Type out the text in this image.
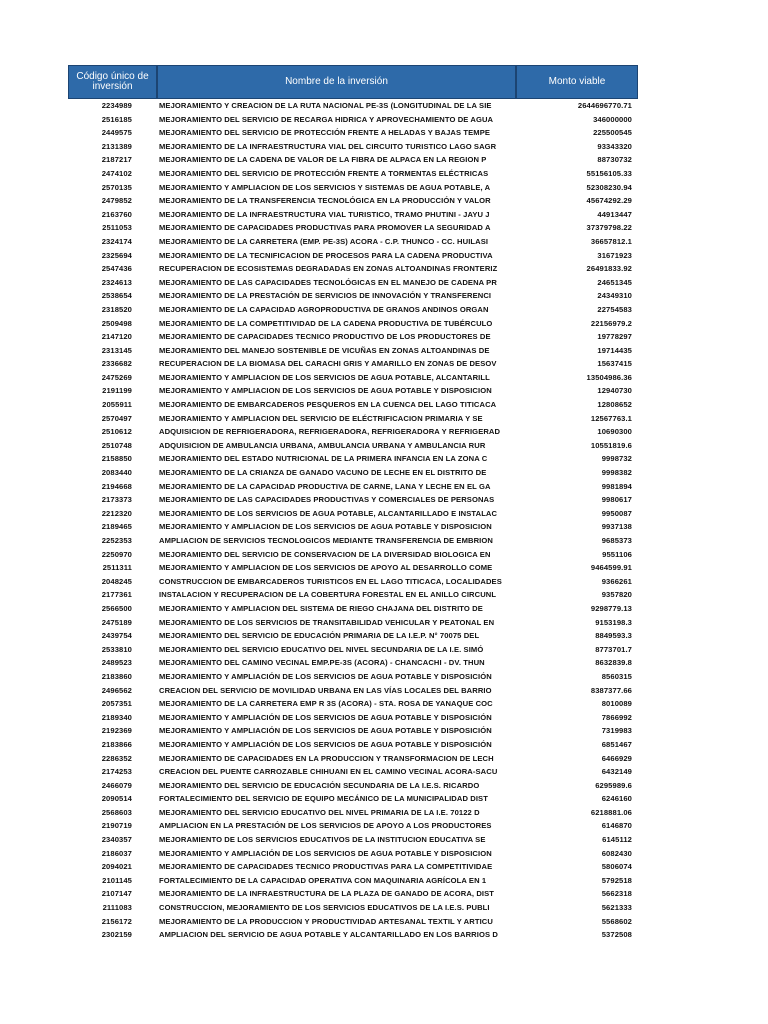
Código único de inversión	Nombre de la inversión	Monto viable
2234989	MEJORAMIENTO Y CREACION DE LA RUTA NACIONAL PE-3S (LONGITUDINAL DE LA SIE	2644696770.71
2516185	MEJORAMIENTO DEL SERVICIO DE RECARGA HIDRICA Y APROVECHAMIENTO DE AGUA	346000000
2449575	MEJORAMIENTO DEL SERVICIO DE PROTECCIÓN FRENTE A HELADAS Y BAJAS TEMPE	225500545
2131389	MEJORAMIENTO DE LA INFRAESTRUCTURA VIAL DEL CIRCUITO TURISTICO LAGO SAGR	93343320
2187217	MEJORAMIENTO DE LA CADENA DE VALOR DE LA FIBRA DE ALPACA EN LA REGION P	88730732
2474102	MEJORAMIENTO DEL SERVICIO DE PROTECCIÓN FRENTE A TORMENTAS ELÉCTRICAS	55156105.33
2570135	MEJORAMIENTO Y AMPLIACION DE LOS SERVICIOS Y SISTEMAS DE AGUA POTABLE, A	52308230.94
2479852	MEJORAMIENTO DE LA TRANSFERENCIA TECNOLÓGICA EN LA PRODUCCIÓN Y VALOR	45674292.29
2163760	MEJORAMIENTO DE LA INFRAESTRUCTURA VIAL TURISTICO, TRAMO PHUTINI - JAYU J	44913447
2511053	MEJORAMIENTO DE CAPACIDADES PRODUCTIVAS PARA PROMOVER LA SEGURIDAD A	37379798.22
2324174	MEJORAMIENTO DE LA CARRETERA (EMP. PE-3S) ACORA - C.P. THUNCO - CC. HUILASI	36657812.1
2325694	MEJORAMIENTO DE LA TECNIFICACION DE PROCESOS PARA LA CADENA PRODUCTIVA	31671923
2547436	RECUPERACION DE ECOSISTEMAS DEGRADADAS EN ZONAS ALTOANDINAS FRONTERIZ	26491833.92
2324613	MEJORAMIENTO DE LAS CAPACIDADES TECNOLÓGICAS EN EL MANEJO DE CADENA PR	24651345
2538654	MEJORAMIENTO DE LA PRESTACIÓN DE SERVICIOS DE INNOVACIÓN Y TRANSFERENCI	24349310
2318520	MEJORAMIENTO DE LA CAPACIDAD AGROPRODUCTIVA DE GRANOS ANDINOS ORGAN	22754583
2509498	MEJORAMIENTO DE LA COMPETITIVIDAD DE LA CADENA PRODUCTIVA DE TUBÉRCULO	22156979.2
2147120	MEJORAMIENTO DE CAPACIDADES TECNICO PRODUCTIVO DE LOS PRODUCTORES DE	19778297
2313145	MEJORAMIENTO DEL MANEJO SOSTENIBLE DE VICUÑAS EN ZONAS ALTOANDINAS DE	19714435
2336682	RECUPERACION DE LA BIOMASA DEL CARACHI GRIS Y AMARILLO EN ZONAS DE DESOV	15637415
2475269	MEJORAMIENTO Y AMPLIACION DE LOS SERVICIOS DE AGUA POTABLE, ALCANTARILL	13504986.36
2191199	MEJORAMIENTO Y AMPLIACION DE LOS SERVICIOS DE AGUA POTABLE Y DISPOSICION	12940730
2055911	MEJORAMIENTO DE EMBARCADEROS PESQUEROS EN LA CUENCA DEL LAGO TITICACA	12808652
2570497	MEJORAMIENTO Y AMPLIACION DEL SERVICIO DE ELÉCTRIFICACION PRIMARIA Y SE	12567763.1
2510612	ADQUISICION DE REFRIGERADORA, REFRIGERADORA, REFRIGERADORA Y REFRIGERAD	10690300
2510748	ADQUISICION DE AMBULANCIA URBANA, AMBULANCIA URBANA Y AMBULANCIA RUR	10551819.6
2158850	MEJORAMIENTO DEL ESTADO NUTRICIONAL DE LA PRIMERA INFANCIA EN LA ZONA C	9998732
2083440	MEJORAMIENTO DE LA CRIANZA DE GANADO VACUNO DE LECHE EN EL DISTRITO DE	9998382
2194668	MEJORAMIENTO DE LA CAPACIDAD PRODUCTIVA DE CARNE, LANA Y LECHE EN EL GA	9981894
2173373	MEJORAMIENTO DE LAS CAPACIDADES PRODUCTIVAS Y COMERCIALES DE PERSONAS	9980617
2212320	MEJORAMIENTO DE LOS SERVICIOS DE AGUA POTABLE, ALCANTARILLADO E INSTALAC	9950087
2189465	MEJORAMIENTO Y AMPLIACION DE LOS SERVICIOS DE AGUA POTABLE Y DISPOSICION	9937138
2252353	AMPLIACION DE SERVICIOS TECNOLOGICOS MEDIANTE TRANSFERENCIA DE EMBRION	9685373
2250970	MEJORAMIENTO DEL SERVICIO DE CONSERVACION DE LA DIVERSIDAD BIOLOGICA EN	9551106
2511311	MEJORAMIENTO Y AMPLIACION DE LOS SERVICIOS DE APOYO AL DESARROLLO COME	9464599.91
2048245	CONSTRUCCION DE EMBARCADEROS TURISTICOS EN EL LAGO TITICACA, LOCALIDADES	9366261
2177361	INSTALACION Y RECUPERACION DE LA COBERTURA FORESTAL EN EL ANILLO CIRCUNL	9357820
2566500	MEJORAMIENTO Y AMPLIACION DEL SISTEMA DE RIEGO CHAJANA DEL DISTRITO DE	9298779.13
2475189	MEJORAMIENTO DE LOS SERVICIOS DE TRANSITABILIDAD VEHICULAR Y PEATONAL EN	9153198.3
2439754	MEJORAMIENTO DEL SERVICIO DE EDUCACIÓN PRIMARIA DE LA I.E.P. N° 70075 DEL	8849593.3
2533810	MEJORAMIENTO DEL SERVICIO EDUCATIVO DEL NIVEL SECUNDARIA DE LA I.E. SIMÓ	8773701.7
2489523	MEJORAMIENTO DEL CAMINO VECINAL EMP.PE-3S (ACORA) - CHANCACHI - DV. THUN	8632839.8
2183860	MEJORAMIENTO Y AMPLIACIÓN DE LOS SERVICIOS DE AGUA POTABLE Y DISPOSICIÓN	8560315
2496562	CREACION DEL SERVICIO DE MOVILIDAD URBANA EN LAS VÍAS LOCALES DEL BARRIO	8387377.66
2057351	MEJORAMIENTO DE LA CARRETERA EMP R 3S (ACORA) - STA. ROSA DE YANAQUE COC	8010089
2189340	MEJORAMIENTO Y AMPLIACIÓN DE LOS SERVICIOS DE AGUA POTABLE Y DISPOSICIÓN	7866992
2192369	MEJORAMIENTO Y AMPLIACIÓN DE LOS SERVICIOS DE AGUA POTABLE Y DISPOSICIÓN	7319983
2183866	MEJORAMIENTO Y AMPLIACIÓN DE LOS SERVICIOS DE AGUA POTABLE Y DISPOSICIÓN	6851467
2286352	MEJORAMIENTO DE CAPACIDADES EN LA PRODUCCION Y TRANSFORMACION DE LECH	6466929
2174253	CREACION DEL PUENTE CARROZABLE CHIHUANI EN EL CAMINO VECINAL ACORA-SACU	6432149
2466079	MEJORAMIENTO DEL SERVICIO DE EDUCACIÓN SECUNDARIA DE LA I.E.S. RICARDO	6295989.6
2090514	FORTALECIMIENTO DEL SERVICIO DE EQUIPO MECÁNICO DE LA MUNICIPALIDAD DIST	6246160
2568603	MEJORAMIENTO DEL SERVICIO EDUCATIVO DEL NIVEL PRIMARIA DE LA I.E. 70122 D	6218881.06
2190719	AMPLIACION EN LA PRESTACIÓN DE LOS SERVICIOS DE APOYO A LOS PRODUCTORES	6146870
2340357	MEJORAMIENTO DE LOS SERVICIOS EDUCATIVOS DE LA INSTITUCION EDUCATIVA SE	6145112
2186037	MEJORAMIENTO Y AMPLIACIÓN DE LOS SERVICIOS DE AGUA POTABLE Y DISPOSICION	6082430
2094021	MEJORAMIENTO DE CAPACIDADES TECNICO PRODUCTIVAS PARA LA COMPETITIVIDAE	5806074
2101145	FORTALECIMIENTO DE LA CAPACIDAD OPERATIVA CON MAQUINARIA AGRÍCOLA EN 1	5792518
2107147	MEJORAMIENTO DE LA INFRAESTRUCTURA DE LA PLAZA DE GANADO DE ACORA, DIST	5662318
2111083	CONSTRUCCION, MEJORAMIENTO DE LOS SERVICIOS EDUCATIVOS DE LA I.E.S. PUBLI	5621333
2156172	MEJORAMIENTO DE LA PRODUCCION Y PRODUCTIVIDAD ARTESANAL TEXTIL Y ARTICU	5568602
2302159	AMPLIACION DEL SERVICIO DE AGUA POTABLE Y ALCANTARILLADO EN LOS BARRIOS D	5372508
